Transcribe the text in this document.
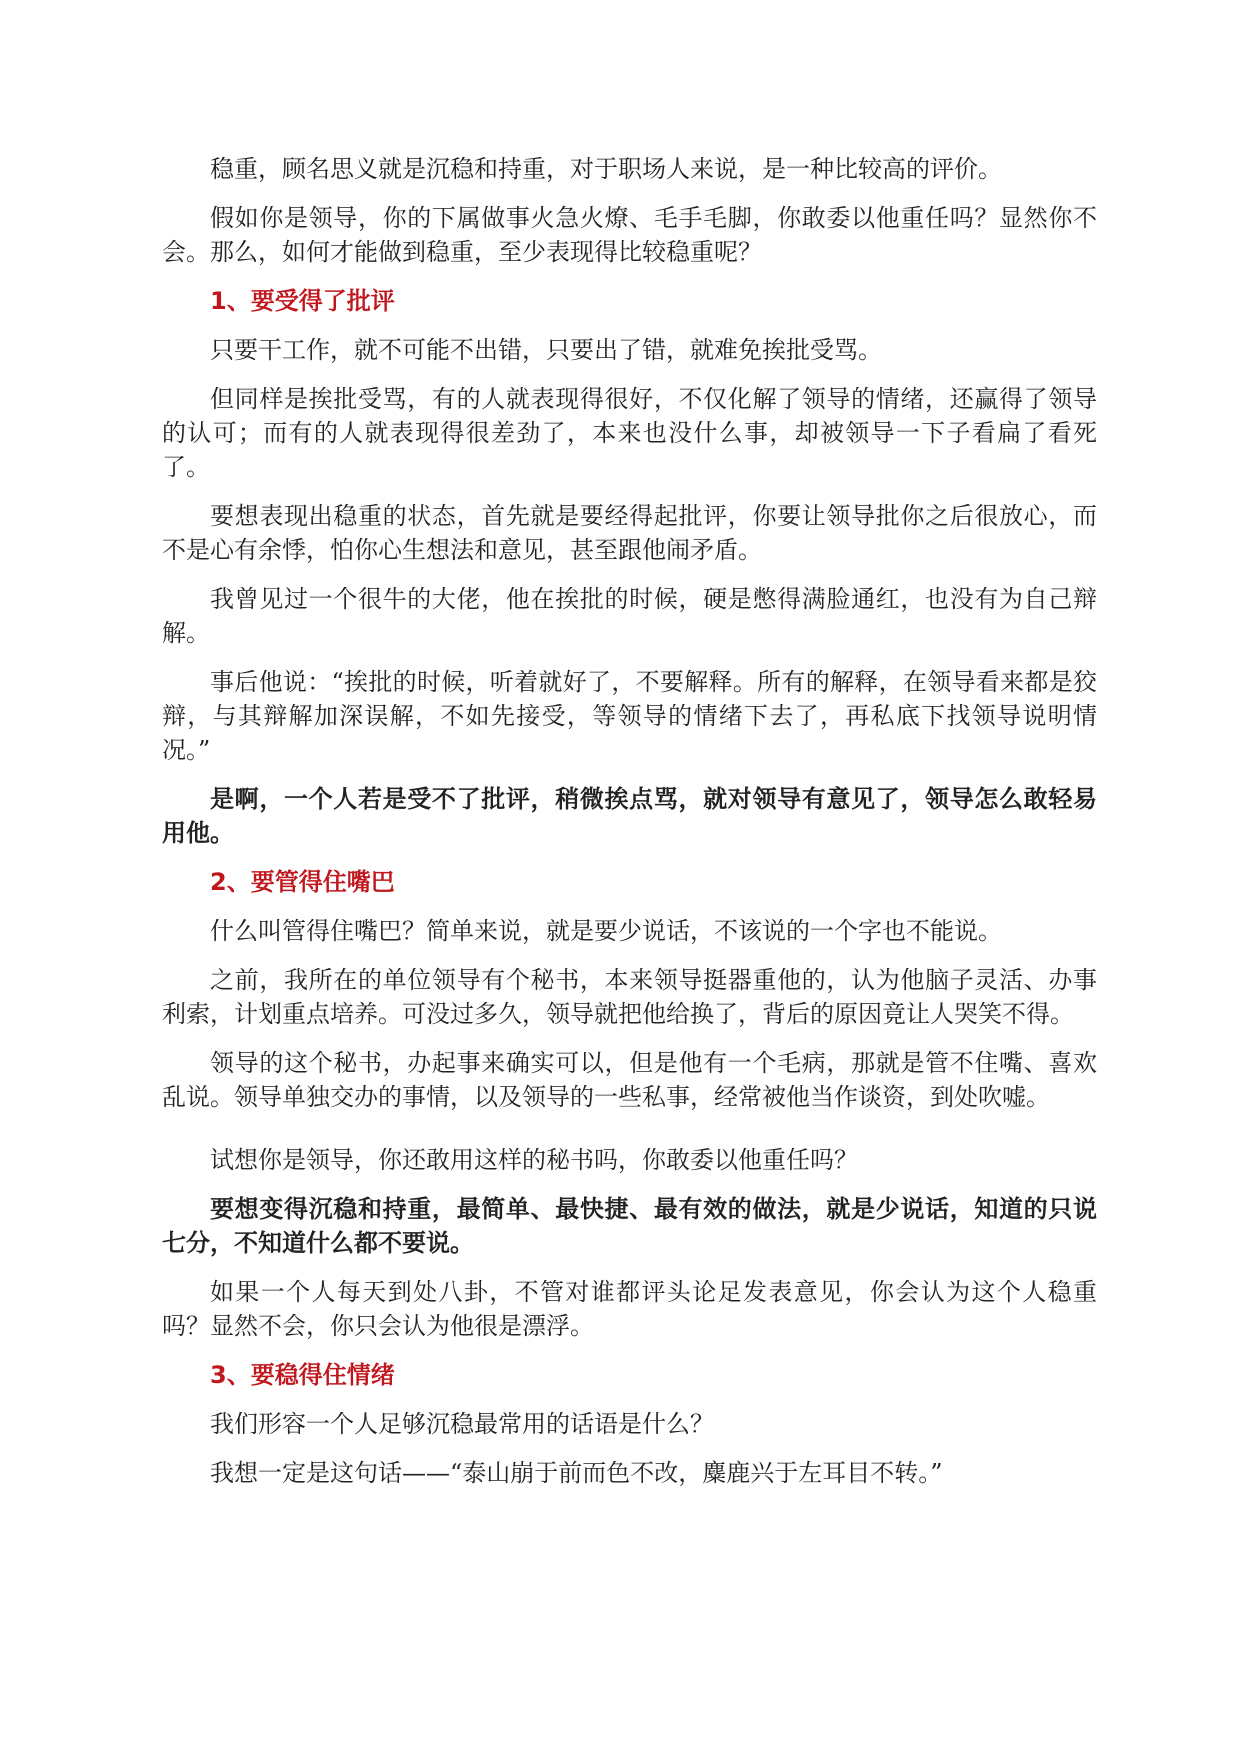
稳重，顾名思义就是沉稳和持重，对于职场人来说，是一种比较高的评价。

假如你是领导，你的下属做事火急火燎、毛手毛脚，你敢委以他重任吗？显然你不会。那么，如何才能做到稳重，至少表现得比较稳重呢？

1、要受得了批评

只要干工作，就不可能不出错，只要出了错，就难免挨批受骂。

但同样是挨批受骂，有的人就表现得很好，不仅化解了领导的情绪，还赢得了领导的认可；而有的人就表现得很差劲了，本来也没什么事，却被领导一下子看扁了看死了。

要想表现出稳重的状态，首先就是要经得起批评，你要让领导批你之后很放心，而不是心有余悸，怕你心生想法和意见，甚至跟他闹矛盾。

我曾见过一个很牛的大佬，他在挨批的时候，硬是憋得满脸通红，也没有为自己辩解。

事后他说：“挨批的时候，听着就好了，不要解释。所有的解释，在领导看来都是狡辩，与其辩解加深误解，不如先接受，等领导的情绪下去了，再私底下找领导说明情况。”

是啊，一个人若是受不了批评，稍微挨点骂，就对领导有意见了，领导怎么敢轻易用他。

2、要管得住嘴巴

什么叫管得住嘴巴？简单来说，就是要少说话，不该说的一个字也不能说。

之前，我所在的单位领导有个秘书，本来领导挺器重他的，认为他脑子灵活、办事利索，计划重点培养。可没过多久，领导就把他给换了，背后的原因竟让人哭笑不得。

领导的这个秘书，办起事来确实可以，但是他有一个毛病，那就是管不住嘴、喜欢乱说。领导单独交办的事情，以及领导的一些私事，经常被他当作谈资，到处吹嘘。

试想你是领导，你还敢用这样的秘书吗，你敢委以他重任吗？

要想变得沉稳和持重，最简单、最快捷、最有效的做法，就是少说话，知道的只说七分，不知道什么都不要说。

如果一个人每天到处八卦，不管对谁都评头论足发表意见，你会认为这个人稳重吗？显然不会，你只会认为他很是漂浮。

3、要稳得住情绪

我们形容一个人足够沉稳最常用的话语是什么？

我想一定是这句话——“泰山崩于前而色不改，麋鹿兴于左耳目不转。”
